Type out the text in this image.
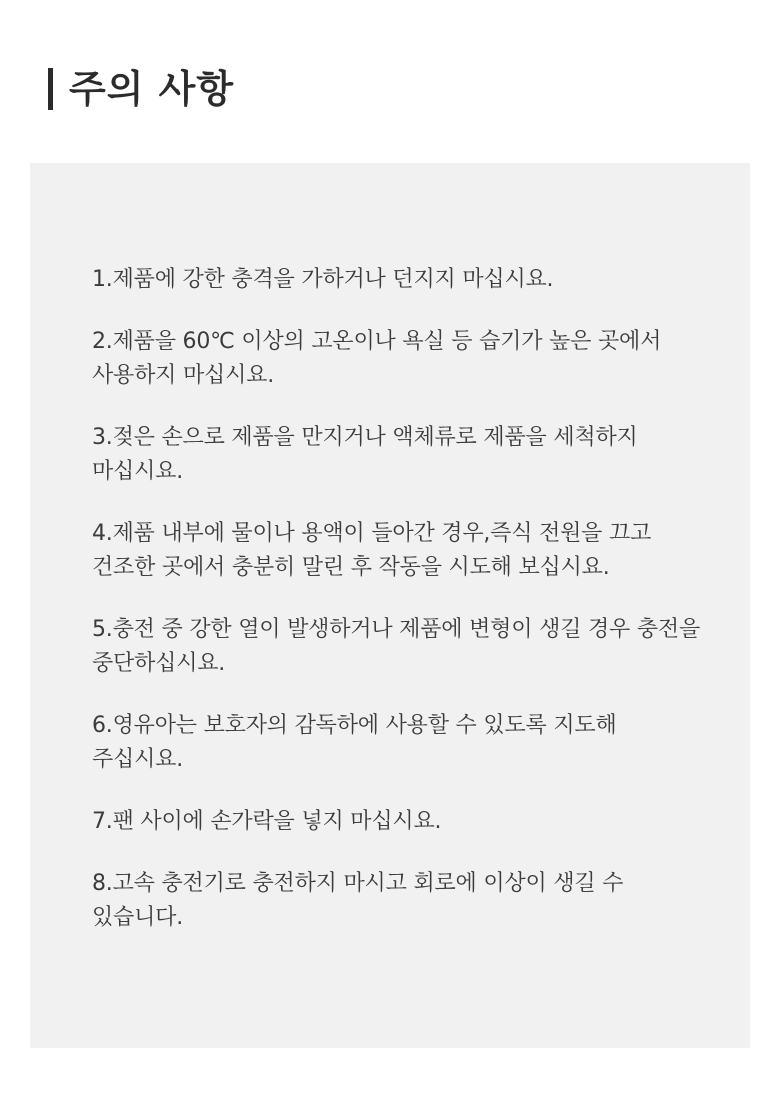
주의 사항

1.제품에 강한 충격을 가하거나 던지지 마십시요.

2.제품을 60℃ 이상의 고온이나 욕실 등 습기가 높은 곳에서 사용하지 마십시요.

3.젖은 손으로 제품을 만지거나 액체류로 제품을 세척하지 마십시요.

4.제품 내부에 물이나 용액이 들아간 경우,즉식 전원을 끄고 건조한 곳에서 충분히 말린 후 작동을 시도해 보십시요.

5.충전 중 강한 열이 발생하거나 제품에 변형이 생길 경우 충전을 중단하십시요.

6.영유아는 보호자의 감독하에 사용할 수 있도록 지도해 주십시요.

7.팬 사이에 손가락을 넣지 마십시요.

8.고속 충전기로 충전하지 마시고 회로에 이상이 생길 수 있습니다.
